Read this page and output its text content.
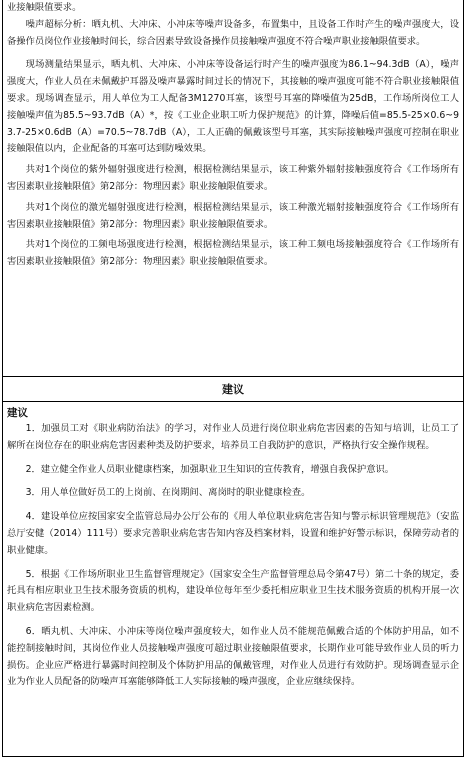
业接触限值要求。

噪声超标分析：晒丸机、大冲床、小冲床等噪声设备多，布置集中，且设备工作时产生的噪声强度大，设备操作员岗位作业接触时间长，综合因素导致设备操作员接触噪声强度不符合噪声职业接触限值要求。

现场测量结果显示，晒丸机、大冲床、小冲床等设备运行时产生的噪声强度为86.1~94.3dB（A），噪声强度大，作业人员在未佩戴护耳器及噪声暴露时间过长的情况下，其接触的噪声强度可能不符合职业接触限值要求。现场调查显示，用人单位为工人配备3M1270耳塞，该型号耳塞的降噪值为25dB，工作场所岗位工人接触噪声值为85.5~93.7dB（A）*，按《工业企业职工听力保护规范》的计算，降噪后值=85.5-25×0.6~93.7-25×0.6dB（A）=70.5~78.7dB（A），工人正确的佩戴该型号耳塞，其实际接触噪声强度可控制在职业接触限值以内，企业配备的耳塞可达到防噪效果。

共对1个岗位的紫外辐射强度进行检测，根据检测结果显示，该工种紫外辐射接触强度符合《工作场所有害因素职业接触限值》第2部分：物理因素》职业接触限值要求。

共对1个岗位的激光辐射强度进行检测，根据检测结果显示，该工种激光辐射接触强度符合《工作场所有害因素职业接触限值》第2部分：物理因素》职业接触限值要求。

共对1个岗位的工频电场强度进行检测，根据检测结果显示，该工种工频电场接触强度符合《工作场所有害因素职业接触限值》第2部分：物理因素》职业接触限值要求。

建议

建议

1．加强员工对《职业病防治法》的学习，对作业人员进行岗位职业病危害因素的告知与培训，让员工了解所在岗位存在的职业病危害因素种类及防护要求，培养员工自我防护的意识，严格执行安全操作规程。

2．建立健全作业人员职业健康档案，加强职业卫生知识的宣传教育，增强自我保护意识。

3．用人单位做好员工的上岗前、在岗期间、离岗时的职业健康检查。

4．建设单位应按国家安全监管总局办公厅公布的《用人单位职业病危害告知与警示标识管理规范》（安监总厅安健（2014）111号）要求完善职业病危害告知内容及档案材料，设置和维护好警示标识，保障劳动者的职业健康。

5．根据《工作场所职业卫生监督管理规定》（国家安全生产监督管理总局令第47号）第二十条的规定，委托具有相应职业卫生技术服务资质的机构，建设单位每年至少委托相应职业卫生技术服务资质的机构开展一次职业病危害因素检测。

6．晒丸机、大冲床、小冲床等岗位噪声强度较大，如作业人员不能规范佩戴合适的个体防护用品，如不能控制接触时间，其岗位作业人员接触噪声强度可超过职业接触限值要求，长期作业可能导致作业人员的听力损伤。企业应严格进行暴露时间控制及个体防护用品的佩戴管理，对作业人员进行有效防护。现场调查显示企业为作业人员配备的防噪声耳塞能够降低工人实际接触的噪声强度，企业应继续保持。
